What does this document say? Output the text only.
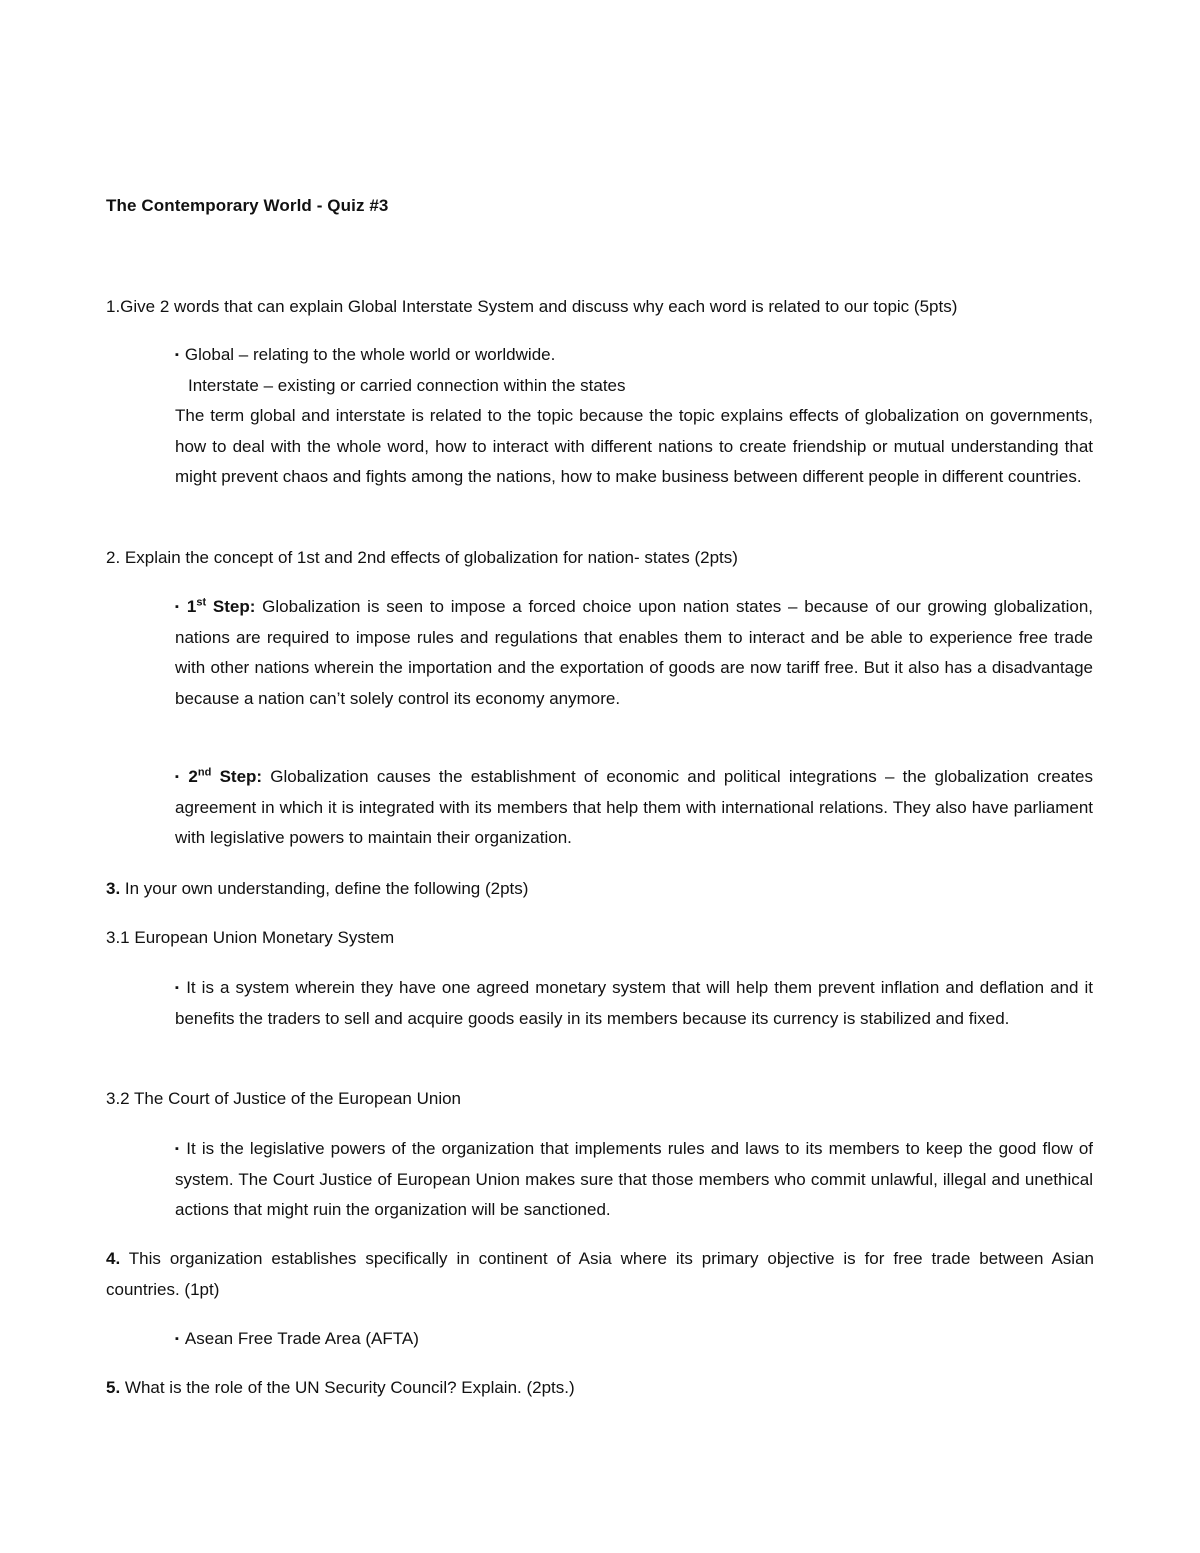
The Contemporary World - Quiz #3
1.Give 2 words that can explain Global Interstate System and discuss why each word is related to our topic (5pts)
▪ Global – relating to the whole world or worldwide.
Interstate – existing or carried connection within the states
The term global and interstate is related to the topic because the topic explains effects of globalization on governments, how to deal with the whole word, how to interact with different nations to create friendship or mutual understanding that might prevent chaos and fights among the nations, how to make business between different people in different countries.
2. Explain the concept of 1st and 2nd effects of globalization for nation- states (2pts)
▪ 1st Step: Globalization is seen to impose a forced choice upon nation states – because of our growing globalization, nations are required to impose rules and regulations that enables them to interact and be able to experience free trade with other nations wherein the importation and the exportation of goods are now tariff free. But it also has a disadvantage because a nation can’t solely control its economy anymore.
▪ 2nd Step: Globalization causes the establishment of economic and political integrations – the globalization creates agreement in which it is integrated with its members that help them with international relations. They also have parliament with legislative powers to maintain their organization.
3. In your own understanding, define the following (2pts)
3.1 European Union Monetary System
▪ It is a system wherein they have one agreed monetary system that will help them prevent inflation and deflation and it benefits the traders to sell and acquire goods easily in its members because its currency is stabilized and fixed.
3.2 The Court of Justice of the European Union
▪ It is the legislative powers of the organization that implements rules and laws to its members to keep the good flow of system. The Court Justice of European Union makes sure that those members who commit unlawful, illegal and unethical actions that might ruin the organization will be sanctioned.
4. This organization establishes specifically in continent of Asia where its primary objective is for free trade between Asian countries. (1pt)
▪ Asean Free Trade Area (AFTA)
5. What is the role of the UN Security Council? Explain. (2pts.)
